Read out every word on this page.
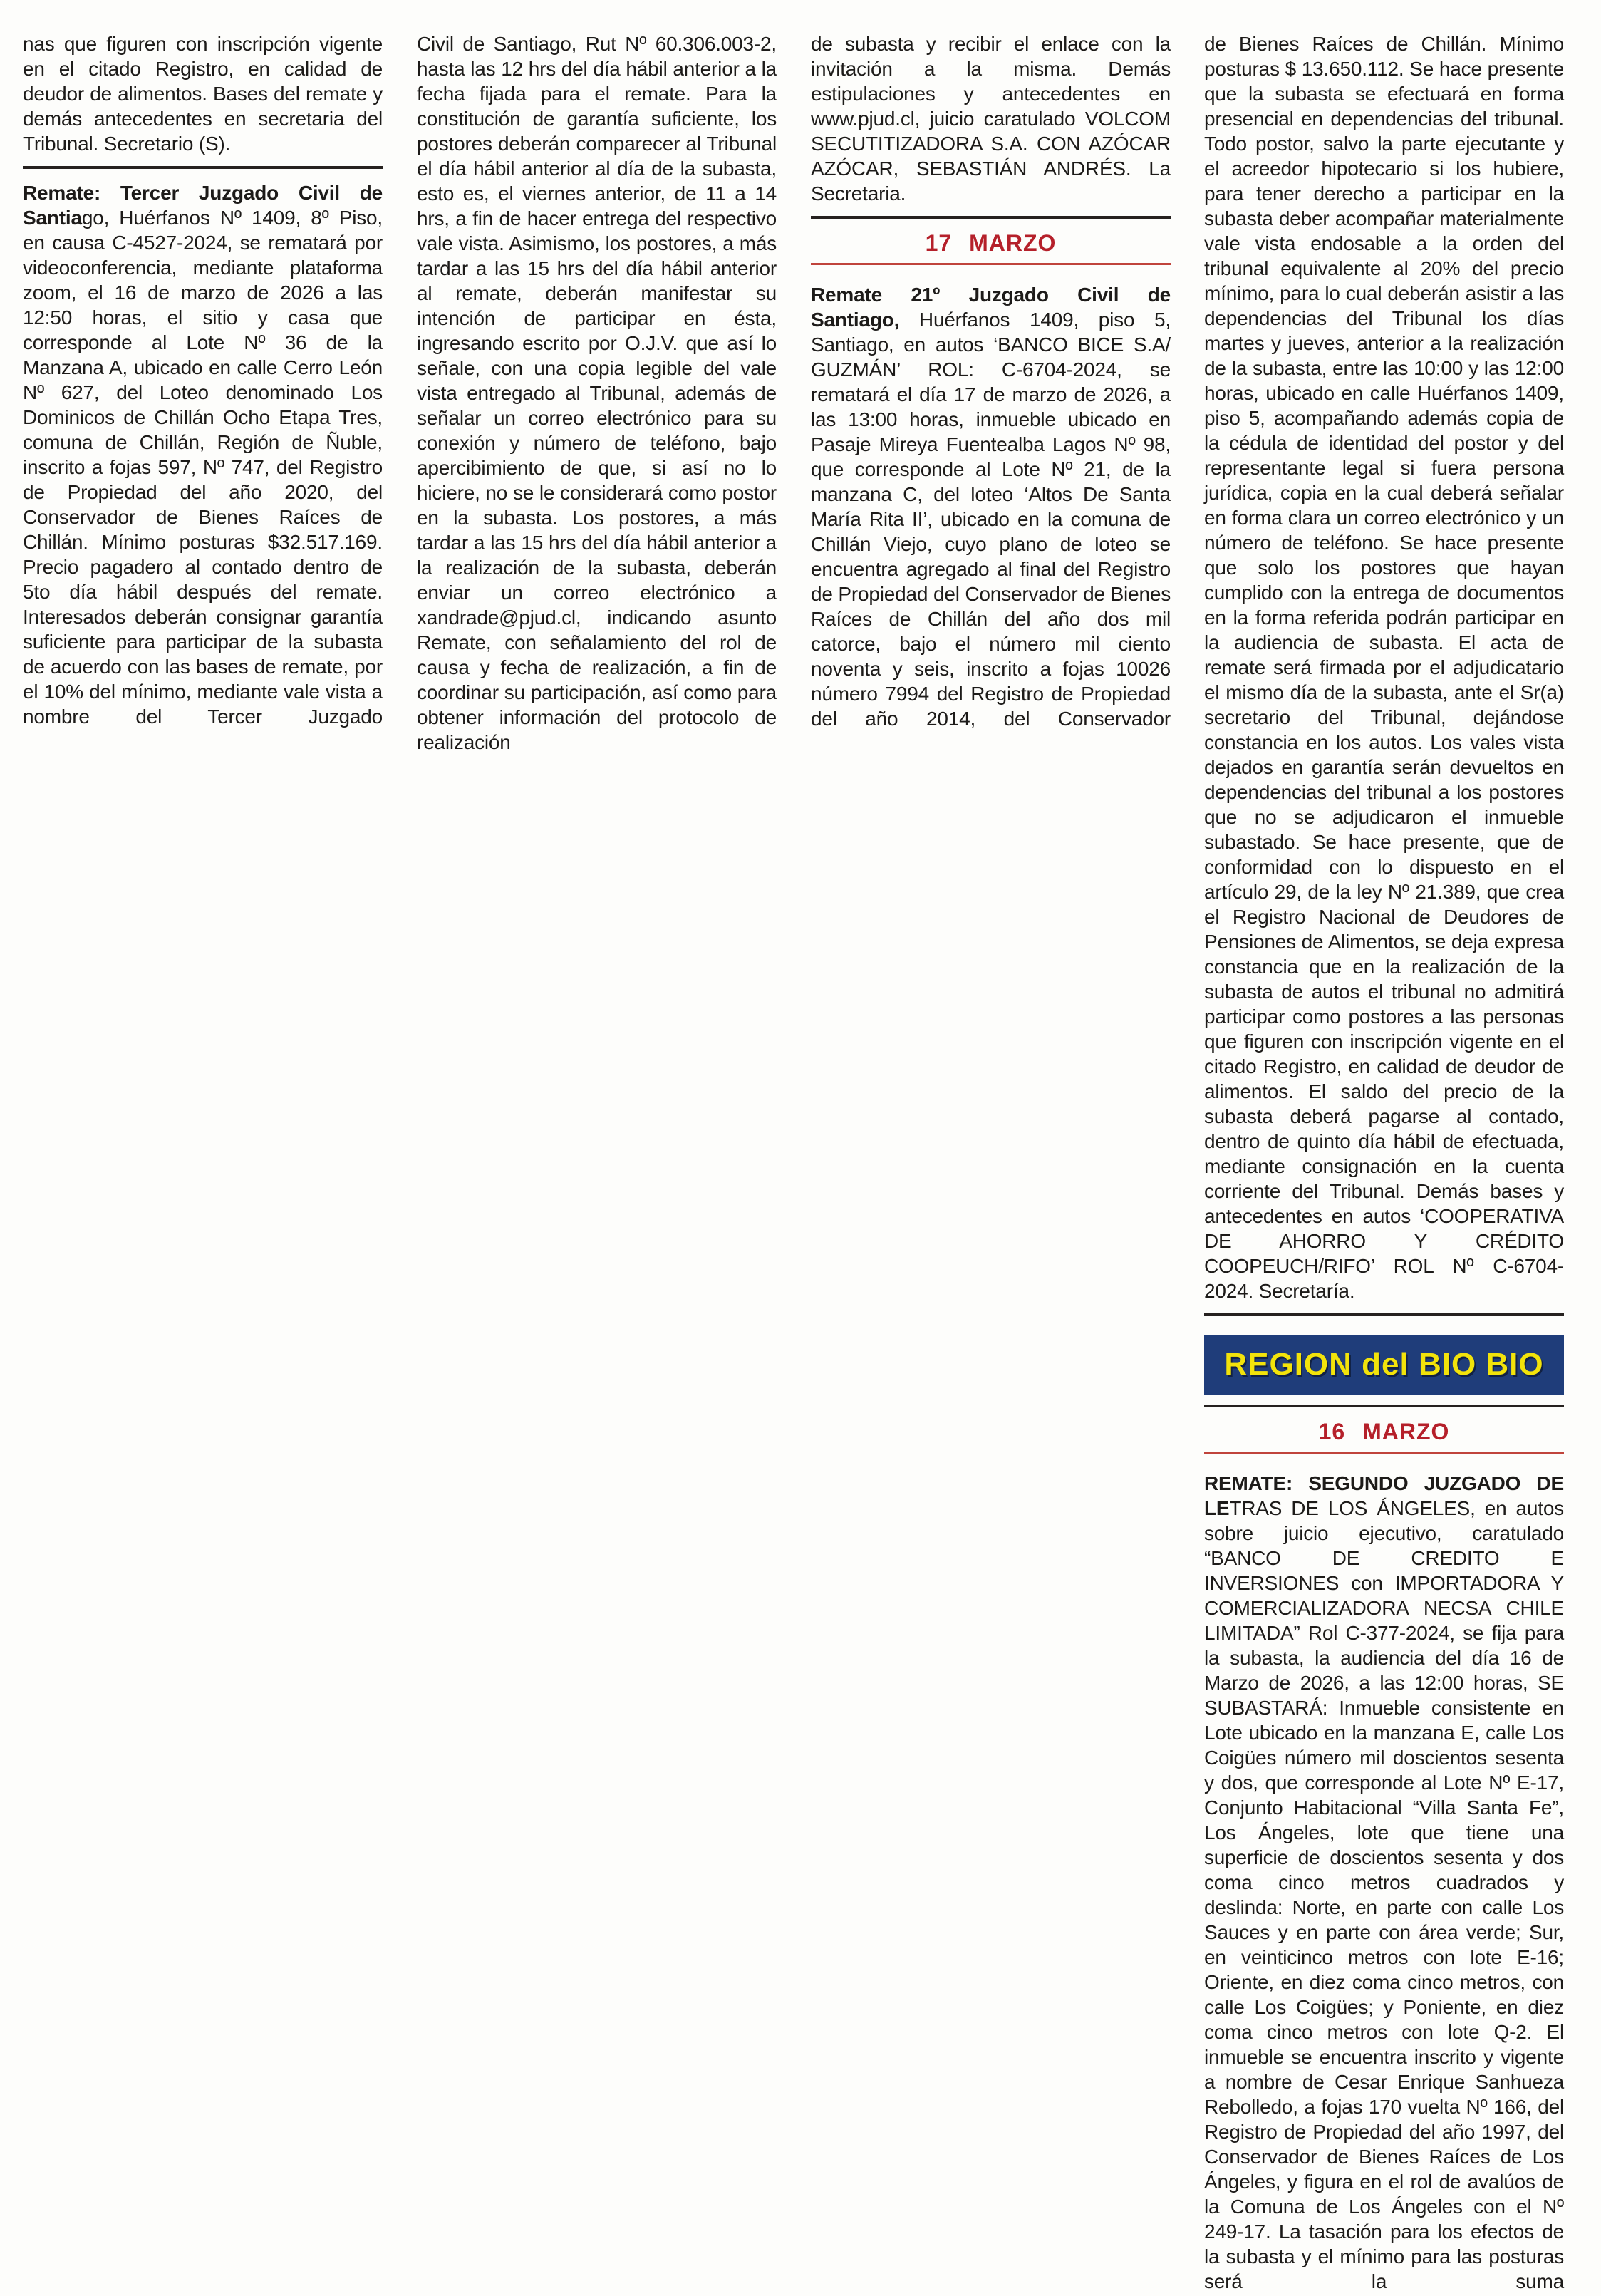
nas que figuren con inscripción vigente en el citado Registro, en calidad de deudor de alimentos. Bases del remate y demás antecedentes en secretaria del Tribunal. Secretario (S).

Remate: Tercer Juzgado Civil de Santiago, Huérfanos Nº 1409, 8º Piso, en causa C-4527-2024, se rematará por videoconferencia, mediante plataforma zoom, el 16 de marzo de 2026 a las 12:50 horas, el sitio y casa que corresponde al Lote Nº 36 de la Manzana A, ubicado en calle Cerro León Nº 627, del Loteo denominado Los Dominicos de Chillán Ocho Etapa Tres, comuna de Chillán, Región de Ñuble, inscrito a fojas 597, Nº 747, del Registro de Propiedad del año 2020, del Conservador de Bienes Raíces de Chillán. Mínimo posturas $32.517.169. Precio pagadero al contado dentro de 5to día hábil después del remate. Interesados deberán consignar garantía suficiente para participar de la subasta de acuerdo con las bases de remate, por el 10% del mínimo, mediante vale vista a nombre del Tercer Juzgado

Civil de Santiago, Rut Nº 60.306.003-2, hasta las 12 hrs del día hábil anterior a la fecha fijada para el remate. Para la constitución de garantía suficiente, los postores deberán comparecer al Tribunal el día hábil anterior al día de la subasta, esto es, el viernes anterior, de 11 a 14 hrs, a fin de hacer entrega del respectivo vale vista. Asimismo, los postores, a más tardar a las 15 hrs del día hábil anterior al remate, deberán manifestar su intención de participar en ésta, ingresando escrito por O.J.V. que así lo señale, con una copia legible del vale vista entregado al Tribunal, además de señalar un correo electrónico para su conexión y número de teléfono, bajo apercibimiento de que, si así no lo hiciere, no se le considerará como postor en la subasta. Los postores, a más tardar a las 15 hrs del día hábil anterior a la realización de la subasta, deberán enviar un correo electrónico a xandrade@pjud.cl, indicando asunto Remate, con señalamiento del rol de causa y fecha de realización, a fin de coordinar su participación, así como para obtener información del protocolo de realización

de subasta y recibir el enlace con la invitación a la misma. Demás estipulaciones y antecedentes en www.pjud.cl, juicio caratulado VOLCOM SECUTITIZADORA S.A. CON AZÓCAR AZÓCAR, SEBASTIÁN ANDRÉS. La Secretaria.

17 MARZO

Remate 21º Juzgado Civil de Santiago, Huérfanos 1409, piso 5, Santiago, en autos ‘BANCO BICE S.A/ GUZMÁN’ ROL: C-6704-2024, se rematará el día 17 de marzo de 2026, a las 13:00 horas, inmueble ubicado en Pasaje Mireya Fuentealba Lagos Nº 98, que corresponde al Lote Nº 21, de la manzana C, del loteo ‘Altos De Santa María Rita II’, ubicado en la comuna de Chillán Viejo, cuyo plano de loteo se encuentra agregado al final del Registro de Propiedad del Conservador de Bienes Raíces de Chillán del año dos mil catorce, bajo el número mil ciento noventa y seis, inscrito a fojas 10026 número 7994 del Registro de Propiedad del año 2014, del Conservador

de Bienes Raíces de Chillán. Mínimo posturas $ 13.650.112. Se hace presente que la subasta se efectuará en forma presencial en dependencias del tribunal. Todo postor, salvo la parte ejecutante y el acreedor hipotecario si los hubiere, para tener derecho a participar en la subasta deber acompañar materialmente vale vista endosable a la orden del tribunal equivalente al 20% del precio mínimo, para lo cual deberán asistir a las dependencias del Tribunal los días martes y jueves, anterior a la realización de la subasta, entre las 10:00 y las 12:00 horas, ubicado en calle Huérfanos 1409, piso 5, acompañando además copia de la cédula de identidad del postor y del representante legal si fuera persona jurídica, copia en la cual deberá señalar en forma clara un correo electrónico y un número de teléfono. Se hace presente que solo los postores que hayan cumplido con la entrega de documentos en la forma referida podrán participar en la audiencia de subasta. El acta de remate será firmada por el adjudicatario el mismo día de la subasta, ante el Sr(a) secretario del Tribunal, dejándose constancia en los autos. Los vales vista dejados en garantía serán devueltos en dependencias del tribunal a los postores que no se adjudicaron el inmueble subastado. Se hace presente, que de conformidad con lo dispuesto en el artículo 29, de la ley Nº 21.389, que crea el Registro Nacional de Deudores de Pensiones de Alimentos, se deja expresa constancia que en la realización de la subasta de autos el tribunal no admitirá participar como postores a las personas que figuren con inscripción vigente en el citado Registro, en calidad de deudor de alimentos. El saldo del precio de la subasta deberá pagarse al contado, dentro de quinto día hábil de efectuada, mediante consignación en la cuenta corriente del Tribunal. Demás bases y antecedentes en autos ‘COOPERATIVA DE AHORRO Y CRÉDITO COOPEUCH/RIFO’ ROL Nº C-6704-2024. Secretaría.

REGION del BIO BIO
16 MARZO

REMATE: SEGUNDO JUZGADO DE LETRAS DE LOS ÁNGELES, en autos sobre juicio ejecutivo, caratulado “BANCO DE CREDITO E INVERSIONES con IMPORTADORA Y COMERCIALIZADORA NECSA CHILE LIMITADA” Rol C-377-2024, se fija para la subasta, la audiencia del día 16 de Marzo de 2026, a las 12:00 horas, SE SUBASTARÁ: Inmueble consistente en Lote ubicado en la manzana E, calle Los Coigües número mil doscientos sesenta y dos, que corresponde al Lote Nº E-17, Conjunto Habitacional “Villa Santa Fe”, Los Ángeles, lote que tiene una superficie de doscientos sesenta y dos coma cinco metros cuadrados y deslinda: Norte, en parte con calle Los Sauces y en parte con área verde; Sur, en veinticinco metros con lote E-16; Oriente, en diez coma cinco metros, con calle Los Coigües; y Poniente, en diez coma cinco metros con lote Q-2. El inmueble se encuentra inscrito y vigente a nombre de Cesar Enrique Sanhueza Rebolledo, a fojas 170 vuelta Nº 166, del Registro de Propiedad del año 1997, del Conservador de Bienes Raíces de Los Ángeles, y figura en el rol de avalúos de la Comuna de Los Ángeles con el Nº 249-17. La tasación para los efectos de la subasta y el mínimo para las posturas será la suma
